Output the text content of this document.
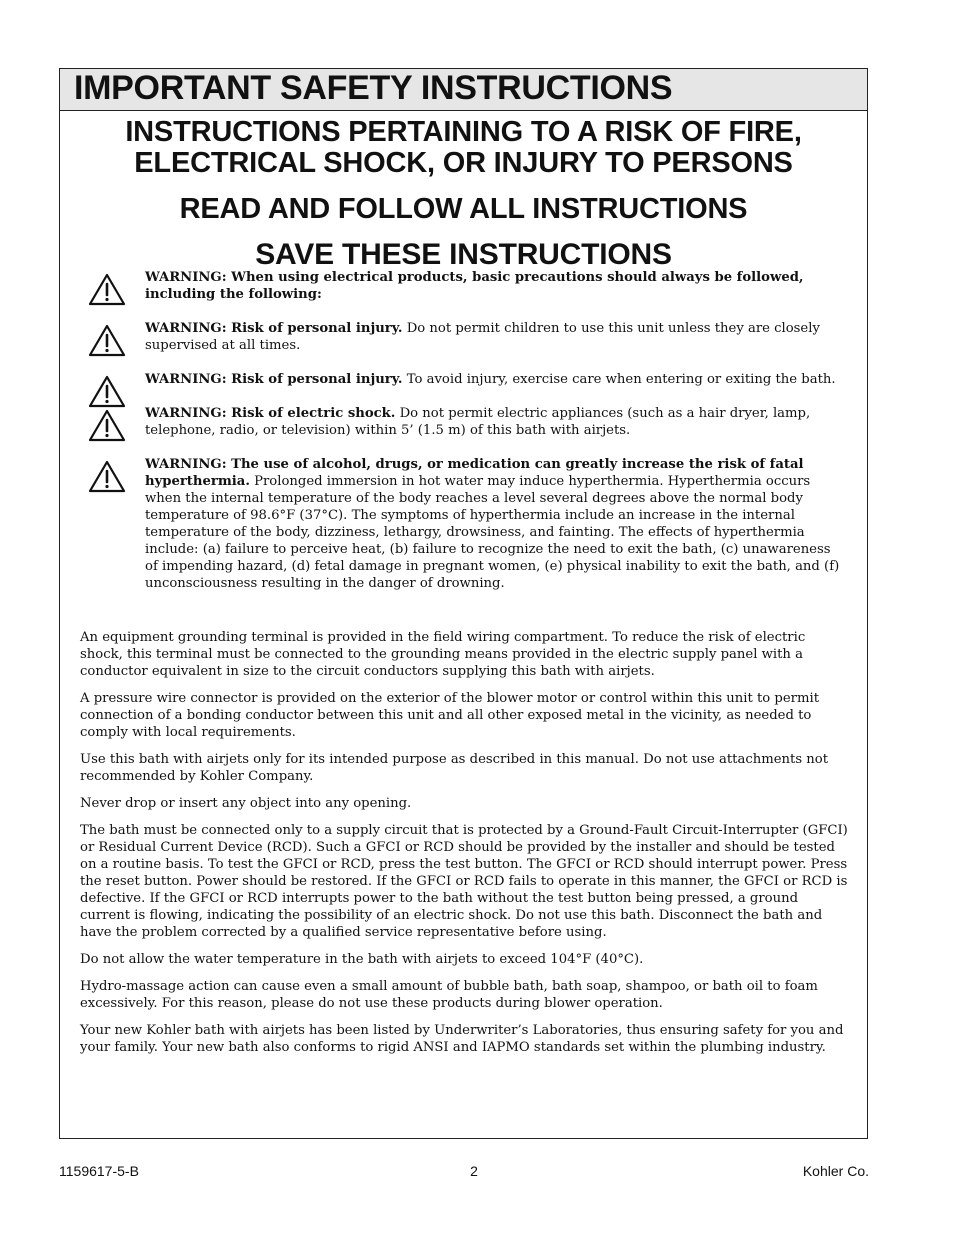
IMPORTANT SAFETY INSTRUCTIONS

INSTRUCTIONS PERTAINING TO A RISK OF FIRE,
ELECTRICAL SHOCK, OR INJURY TO PERSONS

READ AND FOLLOW ALL INSTRUCTIONS

SAVE THESE INSTRUCTIONS

WARNING: When using electrical products, basic precautions should always be followed, including the following:

WARNING: Risk of personal injury. Do not permit children to use this unit unless they are closely supervised at all times.

WARNING: Risk of personal injury. To avoid injury, exercise care when entering or exiting the bath.

WARNING: Risk of electric shock. Do not permit electric appliances (such as a hair dryer, lamp, telephone, radio, or television) within 5’ (1.5 m) of this bath with airjets.

WARNING: The use of alcohol, drugs, or medication can greatly increase the risk of fatal hyperthermia. Prolonged immersion in hot water may induce hyperthermia. Hyperthermia occurs when the internal temperature of the body reaches a level several degrees above the normal body temperature of 98.6°F (37°C). The symptoms of hyperthermia include an increase in the internal temperature of the body, dizziness, lethargy, drowsiness, and fainting. The effects of hyperthermia include: (a) failure to perceive heat, (b) failure to recognize the need to exit the bath, (c) unawareness of impending hazard, (d) fetal damage in pregnant women, (e) physical inability to exit the bath, and (f) unconsciousness resulting in the danger of drowning.

An equipment grounding terminal is provided in the field wiring compartment. To reduce the risk of electric shock, this terminal must be connected to the grounding means provided in the electric supply panel with a conductor equivalent in size to the circuit conductors supplying this bath with airjets.

A pressure wire connector is provided on the exterior of the blower motor or control within this unit to permit connection of a bonding conductor between this unit and all other exposed metal in the vicinity, as needed to comply with local requirements.

Use this bath with airjets only for its intended purpose as described in this manual. Do not use attachments not recommended by Kohler Company.

Never drop or insert any object into any opening.

The bath must be connected only to a supply circuit that is protected by a Ground-Fault Circuit-Interrupter (GFCI) or Residual Current Device (RCD). Such a GFCI or RCD should be provided by the installer and should be tested on a routine basis. To test the GFCI or RCD, press the test button. The GFCI or RCD should interrupt power. Press the reset button. Power should be restored. If the GFCI or RCD fails to operate in this manner, the GFCI or RCD is defective. If the GFCI or RCD interrupts power to the bath without the test button being pressed, a ground current is flowing, indicating the possibility of an electric shock. Do not use this bath. Disconnect the bath and have the problem corrected by a qualified service representative before using.

Do not allow the water temperature in the bath with airjets to exceed 104°F (40°C).

Hydro-massage action can cause even a small amount of bubble bath, bath soap, shampoo, or bath oil to foam excessively. For this reason, please do not use these products during blower operation.

Your new Kohler bath with airjets has been listed by Underwriter’s Laboratories, thus ensuring safety for you and your family. Your new bath also conforms to rigid ANSI and IAPMO standards set within the plumbing industry.

1159617-5-B	2	Kohler Co.
